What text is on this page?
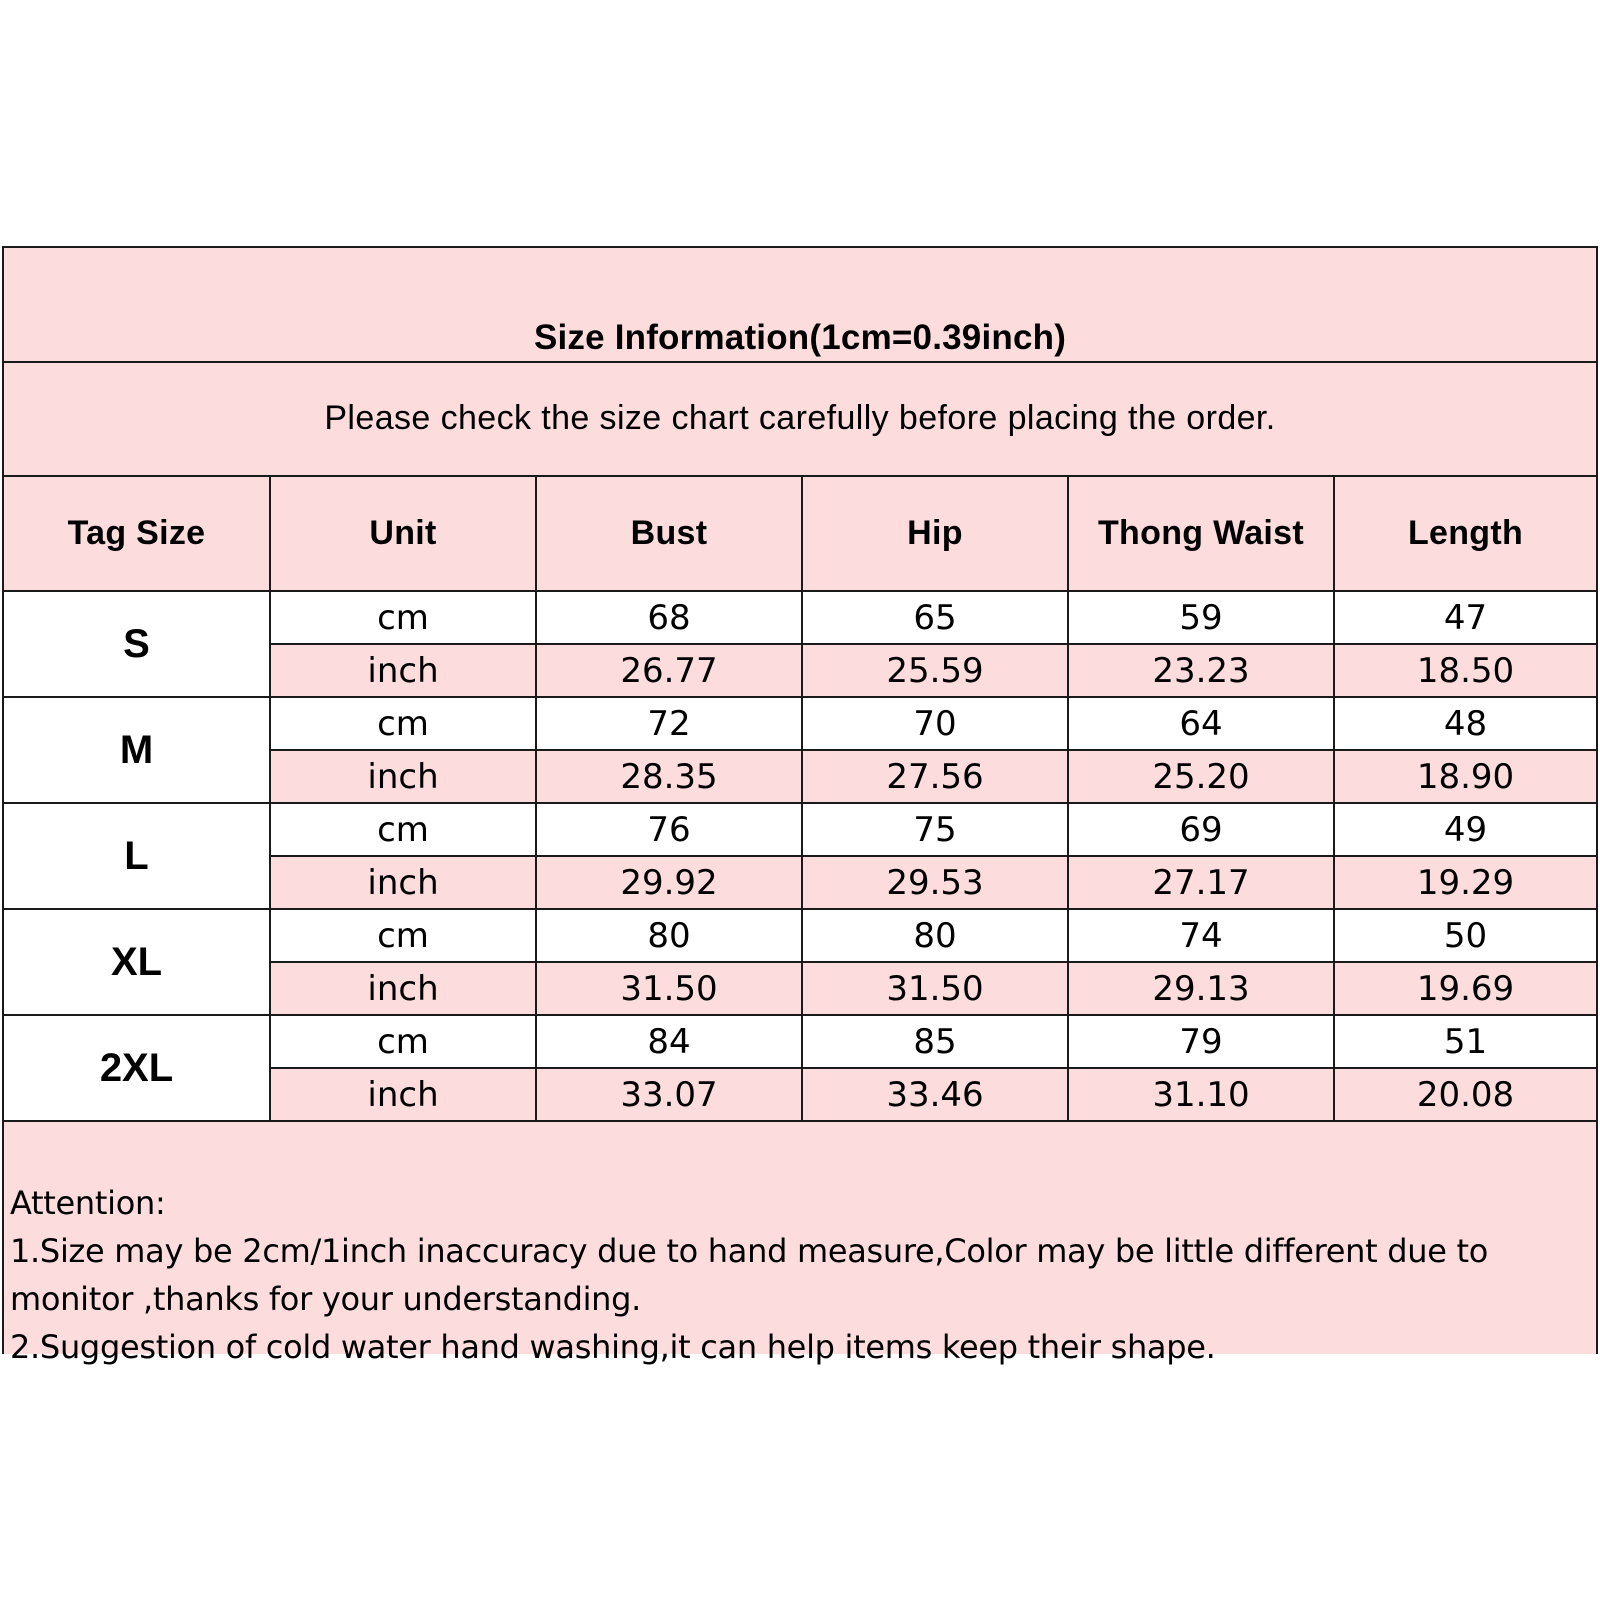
Size Information(1cm=0.39inch)
Please check the size chart carefully before placing the order.
Tag Size	Unit	Bust	Hip	Thong Waist	Length
S	cm	68	65	59	47
	inch	26.77	25.59	23.23	18.50
M	cm	72	70	64	48
	inch	28.35	27.56	25.20	18.90
L	cm	76	75	69	49
	inch	29.92	29.53	27.17	19.29
XL	cm	80	80	74	50
	inch	31.50	31.50	29.13	19.69
2XL	cm	84	85	79	51
	inch	33.07	33.46	31.10	20.08
Attention:
1.Size may be 2cm/1inch inaccuracy due to hand measure,Color may be little different due to
monitor ,thanks for your understanding.
2.Suggestion of cold water hand washing,it can help items keep their shape.
